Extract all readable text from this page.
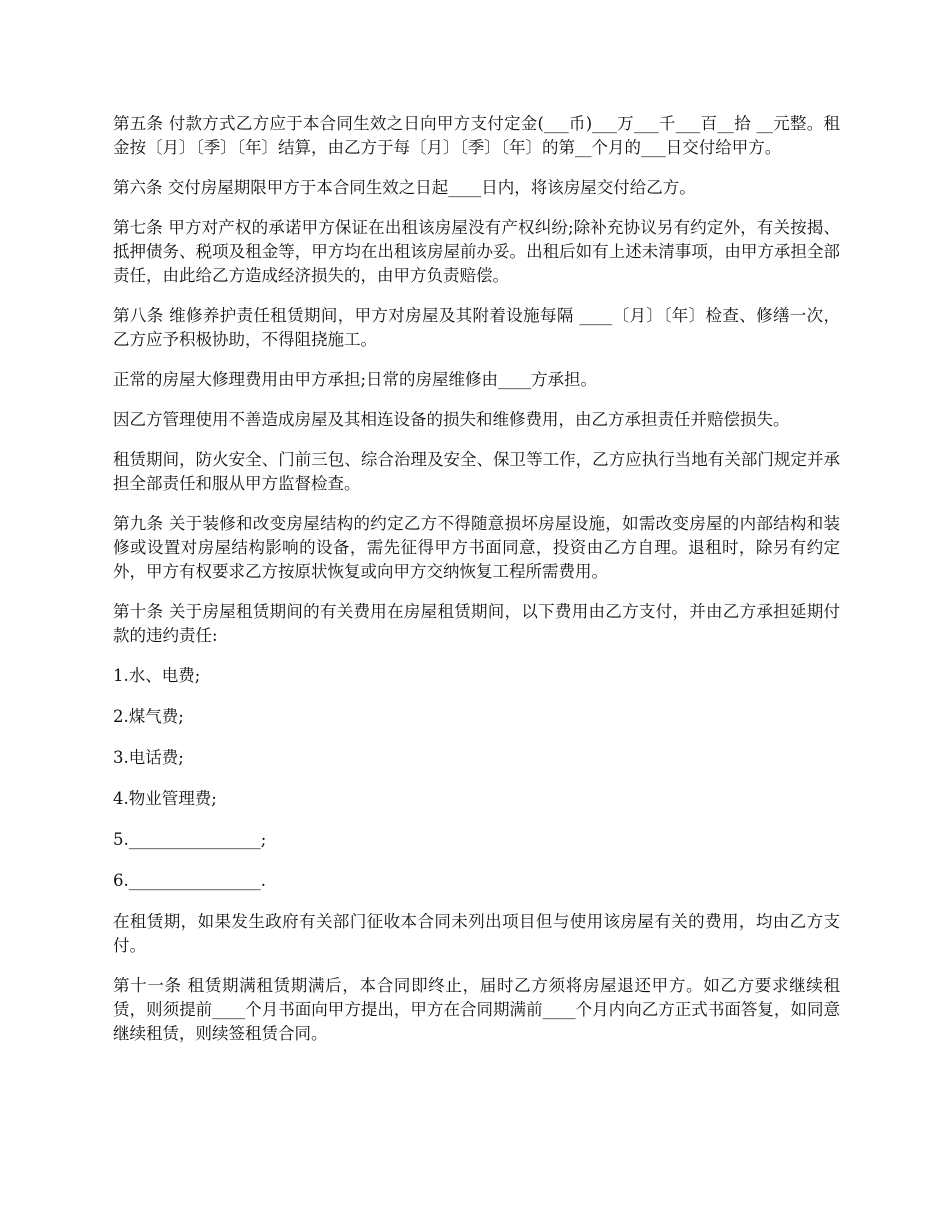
第五条 付款方式乙方应于本合同生效之日向甲方支付定金(___币)___万___千___百__拾 __元整。租金按〔月〕〔季〕〔年〕结算，由乙方于每〔月〕〔季〕〔年〕的第__个月的___日交付给甲方。

第六条 交付房屋期限甲方于本合同生效之日起____日内，将该房屋交付给乙方。

第七条 甲方对产权的承诺甲方保证在出租该房屋没有产权纠纷;除补充协议另有约定外，有关按揭、抵押债务、税项及租金等，甲方均在出租该房屋前办妥。出租后如有上述未清事项，由甲方承担全部责任，由此给乙方造成经济损失的，由甲方负责赔偿。

第八条 维修养护责任租赁期间，甲方对房屋及其附着设施每隔 ____〔月〕〔年〕检查、修缮一次，乙方应予积极协助，不得阻挠施工。

正常的房屋大修理费用由甲方承担;日常的房屋维修由____方承担。

因乙方管理使用不善造成房屋及其相连设备的损失和维修费用，由乙方承担责任并赔偿损失。

租赁期间，防火安全、门前三包、综合治理及安全、保卫等工作，乙方应执行当地有关部门规定并承担全部责任和服从甲方监督检查。

第九条 关于装修和改变房屋结构的约定乙方不得随意损坏房屋设施，如需改变房屋的内部结构和装修或设置对房屋结构影响的设备，需先征得甲方书面同意，投资由乙方自理。退租时，除另有约定外，甲方有权要求乙方按原状恢复或向甲方交纳恢复工程所需费用。

第十条 关于房屋租赁期间的有关费用在房屋租赁期间，以下费用由乙方支付，并由乙方承担延期付款的违约责任:

1.水、电费;

2.煤气费;

3.电话费;

4.物业管理费;

5.________________;

6.________________.

在租赁期，如果发生政府有关部门征收本合同未列出项目但与使用该房屋有关的费用，均由乙方支付。

第十一条 租赁期满租赁期满后，本合同即终止，届时乙方须将房屋退还甲方。如乙方要求继续租赁，则须提前____个月书面向甲方提出，甲方在合同期满前____个月内向乙方正式书面答复，如同意继续租赁，则续签租赁合同。
